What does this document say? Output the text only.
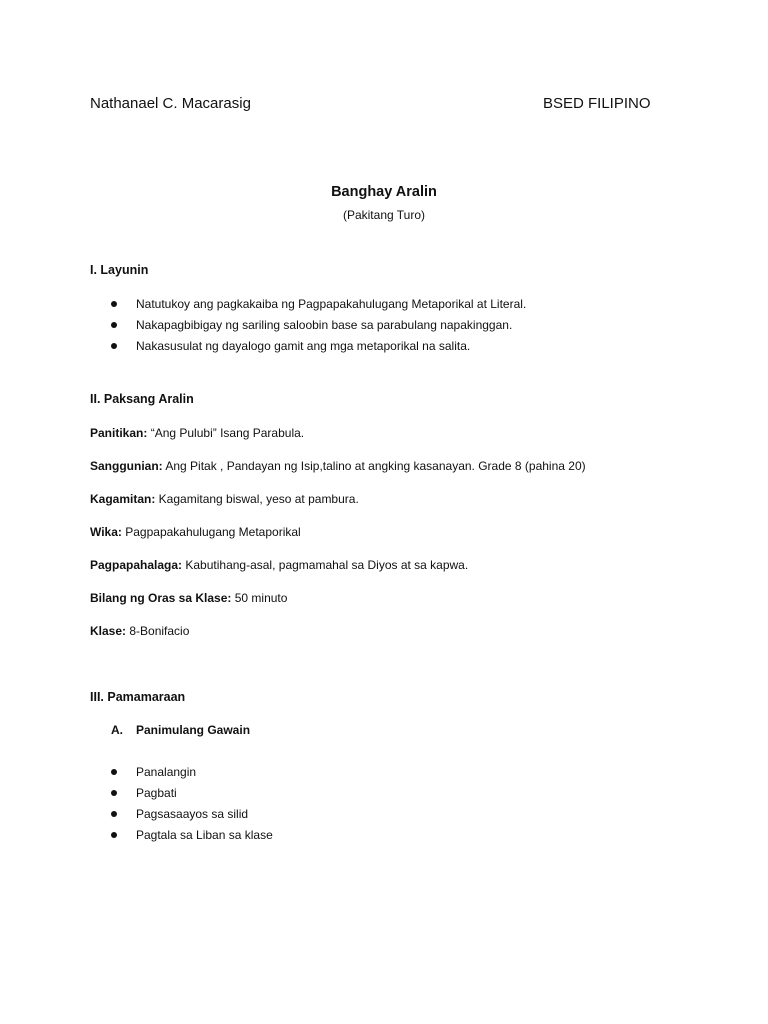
Nathanael C. Macarasig	BSED FILIPINO
Banghay Aralin
(Pakitang Turo)
I. Layunin
Natutukoy ang pagkakaiba ng Pagpapakahulugang Metaporikal at Literal.
Nakapagbibigay ng sariling saloobin base sa parabulang napakinggan.
Nakasusulat ng dayalogo gamit ang mga metaporikal na salita.
II. Paksang Aralin
Panitikan: “Ang Pulubi” Isang Parabula.
Sanggunian: Ang Pitak , Pandayan ng Isip,talino at angking kasanayan. Grade 8 (pahina 20)
Kagamitan: Kagamitang biswal, yeso at pambura.
Wika: Pagpapakahulugang Metaporikal
Pagpapahalaga: Kabutihang-asal, pagmamahal sa Diyos at sa kapwa.
Bilang ng Oras sa Klase: 50 minuto
Klase: 8-Bonifacio
III. Pamamaraan
A. Panimulang Gawain
Panalangin
Pagbati
Pagsasaayos sa silid
Pagtala sa Liban sa klase
